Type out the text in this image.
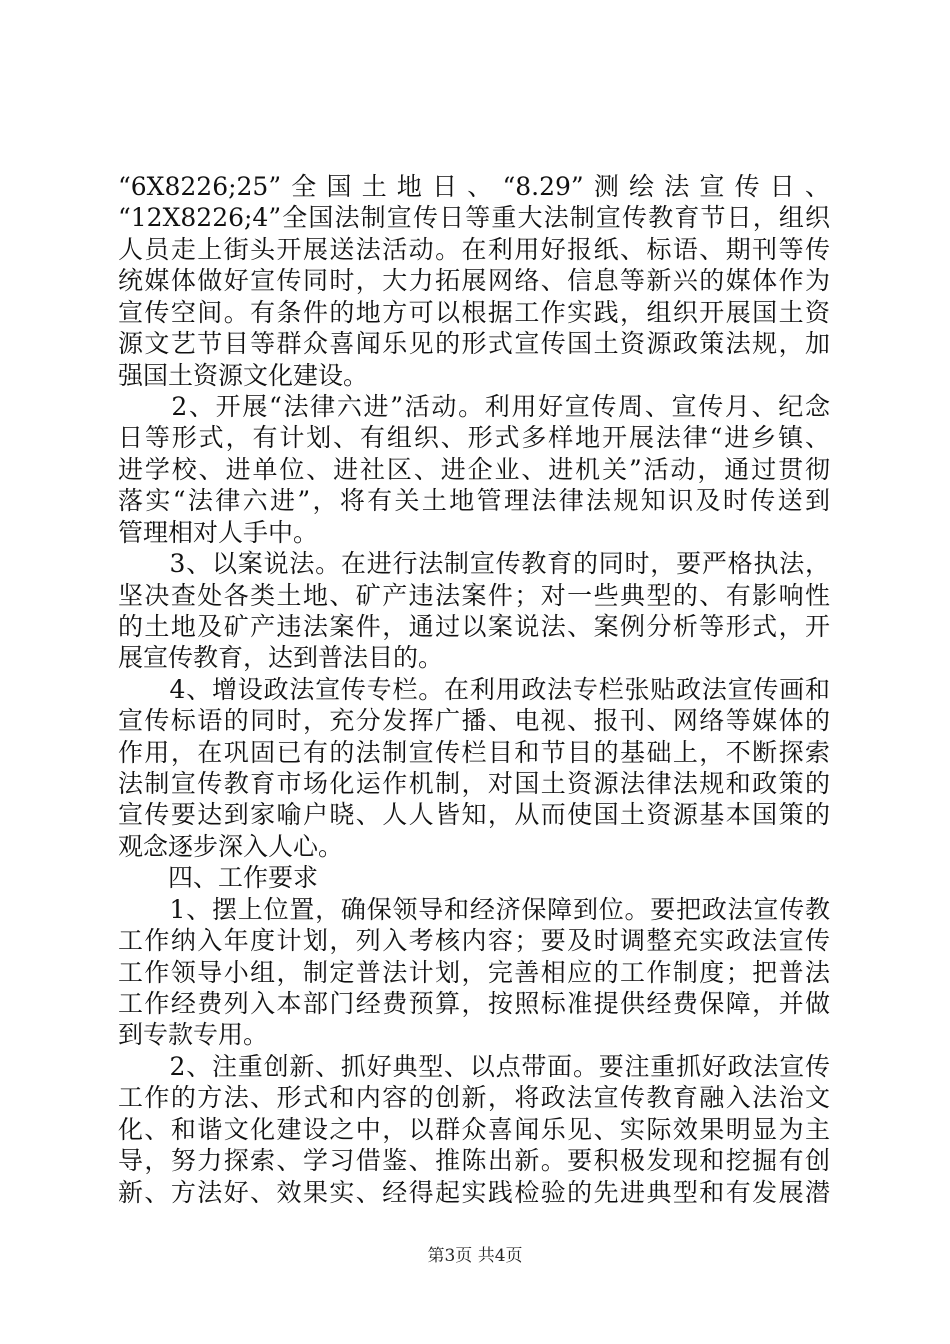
“6X8226;25”全国土地日、“8.29”测绘法宣传日、
“12X8226;4”全国法制宣传日等重大法制宣传教育节日，组织
人员走上街头开展送法活动。在利用好报纸、标语、期刊等传
统媒体做好宣传同时，大力拓展网络、信息等新兴的媒体作为
宣传空间。有条件的地方可以根据工作实践，组织开展国土资
源文艺节目等群众喜闻乐见的形式宣传国土资源政策法规，加
强国土资源文化建设。
　　2、开展“法律六进”活动。利用好宣传周、宣传月、纪念
日等形式，有计划、有组织、形式多样地开展法律“进乡镇、
进学校、进单位、进社区、进企业、进机关”活动，通过贯彻
落实“法律六进”，将有关土地管理法律法规知识及时传送到
管理相对人手中。
　　3、以案说法。在进行法制宣传教育的同时，要严格执法，
坚决查处各类土地、矿产违法案件；对一些典型的、有影响性
的土地及矿产违法案件，通过以案说法、案例分析等形式，开
展宣传教育，达到普法目的。
　　4、增设政法宣传专栏。在利用政法专栏张贴政法宣传画和
宣传标语的同时，充分发挥广播、电视、报刊、网络等媒体的
作用，在巩固已有的法制宣传栏目和节目的基础上，不断探索
法制宣传教育市场化运作机制，对国土资源法律法规和政策的
宣传要达到家喻户晓、人人皆知，从而使国土资源基本国策的
观念逐步深入人心。
　　四、工作要求
　　1、摆上位置，确保领导和经济保障到位。要把政法宣传教
工作纳入年度计划，列入考核内容；要及时调整充实政法宣传
工作领导小组，制定普法计划，完善相应的工作制度；把普法
工作经费列入本部门经费预算，按照标准提供经费保障，并做
到专款专用。
　　2、注重创新、抓好典型、以点带面。要注重抓好政法宣传
工作的方法、形式和内容的创新，将政法宣传教育融入法治文
化、和谐文化建设之中，以群众喜闻乐见、实际效果明显为主
导，努力探索、学习借鉴、推陈出新。要积极发现和挖掘有创
新、方法好、效果实、经得起实践检验的先进典型和有发展潜
第3页 共4页
